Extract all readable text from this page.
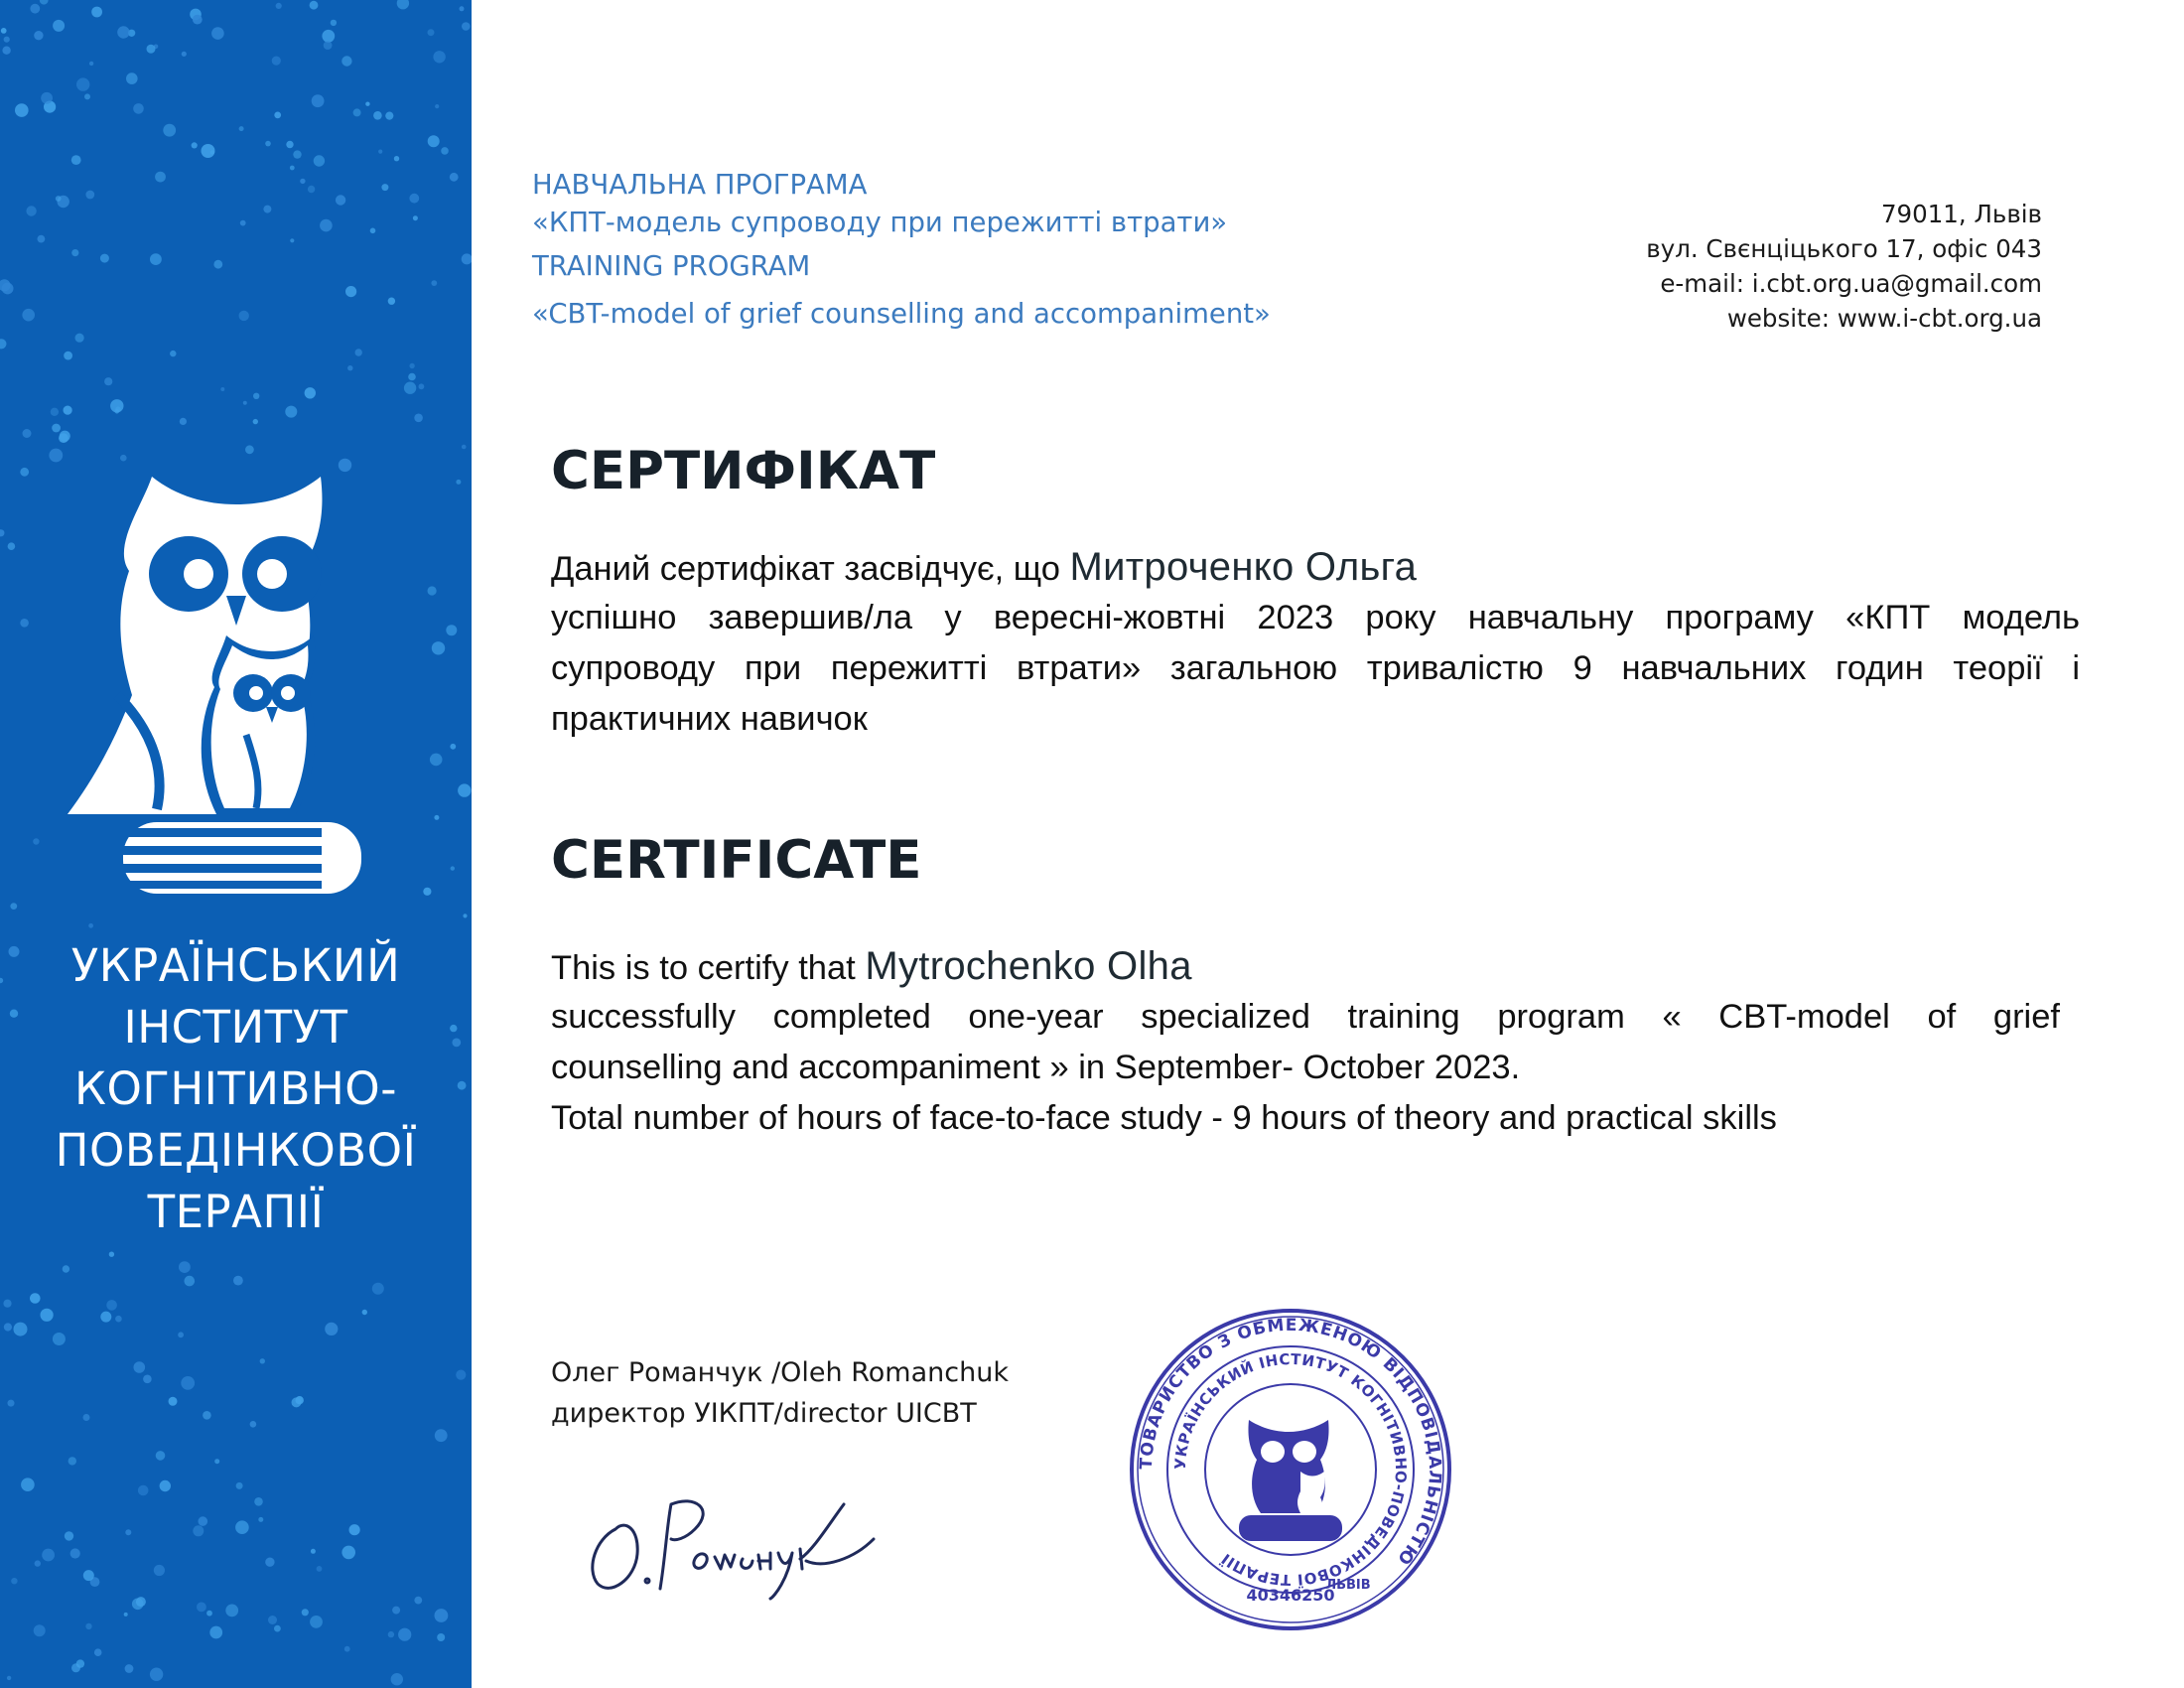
УКРАЇНСЬКИЙ
ІНСТИТУТ
КОГНІТИВНО-
ПОВЕДІНКОВОЇ
ТЕРАПІЇ
НАВЧАЛЬНА ПРОГРАМА
«КПТ-модель супроводу при пережитті втрати»
TRAINING PROGRAM
«CBT-model of grief counselling and accompaniment»
79011, Львів
вул. Свєнціцького 17, офіс 043
e-mail: i.cbt.org.ua@gmail.com
website: www.i-cbt.org.ua
СЕРТИФІКАТ
Даний сертифікат засвідчує, що Митроченко Ольга
успішно завершив/ла у вересні-жовтні 2023 року навчальну програму «КПТ модель
супроводу при пережитті втрати» загальною тривалістю 9 навчальних годин теорії і
практичних навичок
CERTIFICATE
This is to certify that Mytrochenko Olha
successfully completed one-year specialized training program « CBT-model of grief
counselling and accompaniment » in September- October 2023.
Total number of hours of face-to-face study - 9 hours of theory and practical skills
Олег Романчук /Oleh Romanchuk
директор УІКПТ/director UICBT
ТОВАРИСТВО З ОБМЕЖЕНОЮ ВІДПОВІДАЛЬНІСТЮ
УКРАЇНСЬКИЙ ІНСТИТУТ КОГНІТИВНО-ПОВЕДІНКОВОЇ ТЕРАПІЇ
40346250
ЛЬВІВ
